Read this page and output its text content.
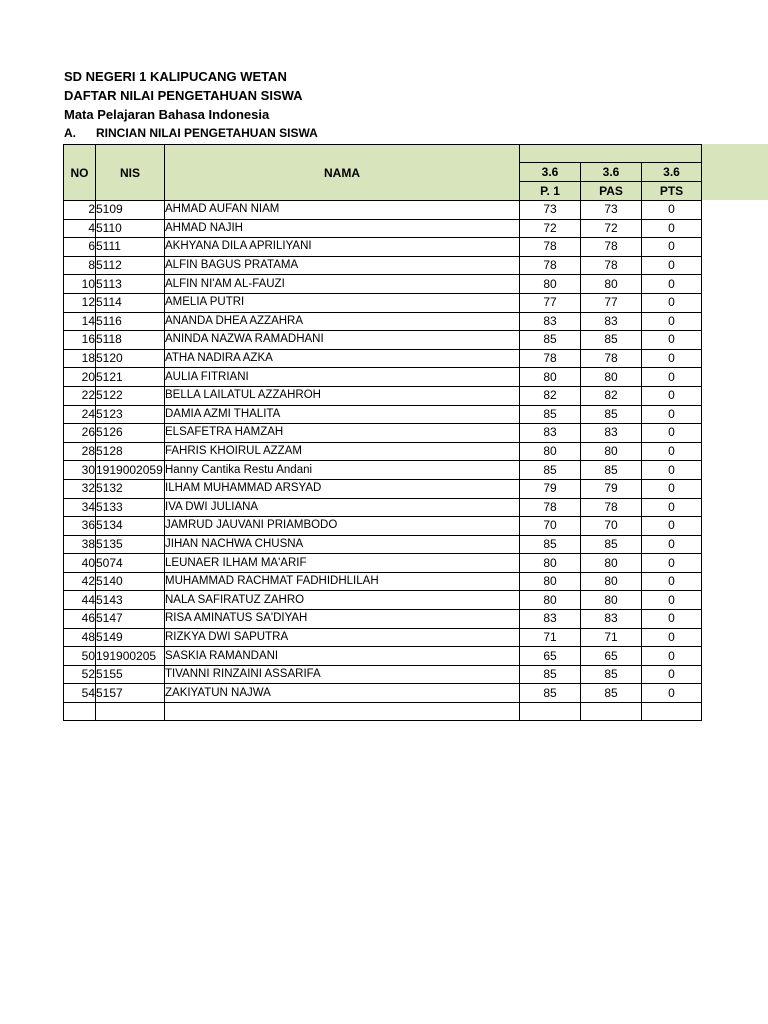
SD NEGERI 1 KALIPUCANG WETAN
DAFTAR NILAI PENGETAHUAN SISWA
Mata Pelajaran Bahasa Indonesia
A. RINCIAN NILAI PENGETAHUAN SISWA
NO	NIS	NAMA			
			3.6	3.6	3.6
			P. 1	PAS	PTS
2	5109	AHMAD AUFAN NIAM	73	73	0
4	5110	AHMAD NAJIH	72	72	0
6	5111	AKHYANA DILA APRILIYANI	78	78	0
8	5112	ALFIN BAGUS PRATAMA	78	78	0
10	5113	ALFIN NI'AM AL-FAUZI	80	80	0
12	5114	AMELIA PUTRI	77	77	0
14	5116	ANANDA DHEA AZZAHRA	83	83	0
16	5118	ANINDA NAZWA RAMADHANI	85	85	0
18	5120	ATHA NADIRA AZKA	78	78	0
20	5121	AULIA FITRIANI	80	80	0
22	5122	BELLA LAILATUL AZZAHROH	82	82	0
24	5123	DAMIA AZMI THALITA	85	85	0
26	5126	ELSAFETRA HAMZAH	83	83	0
28	5128	FAHRIS KHOIRUL AZZAM	80	80	0
30	1919002059	Hanny Cantika Restu Andani	85	85	0
32	5132	ILHAM MUHAMMAD ARSYAD	79	79	0
34	5133	IVA DWI JULIANA	78	78	0
36	5134	JAMRUD JAUVANI PRIAMBODO	70	70	0
38	5135	JIHAN NACHWA CHUSNA	85	85	0
40	5074	LEUNAER ILHAM MA'ARIF	80	80	0
42	5140	MUHAMMAD RACHMAT FADHIDHLILAH	80	80	0
44	5143	NALA SAFIRATUZ ZAHRO	80	80	0
46	5147	RISA AMINATUS SA'DIYAH	83	83	0
48	5149	RIZKYA DWI SAPUTRA	71	71	0
50	191900205	SASKIA RAMANDANI	65	65	0
52	5155	TIVANNI RINZAINI ASSARIFA	85	85	0
54	5157	ZAKIYATUN NAJWA	85	85	0
